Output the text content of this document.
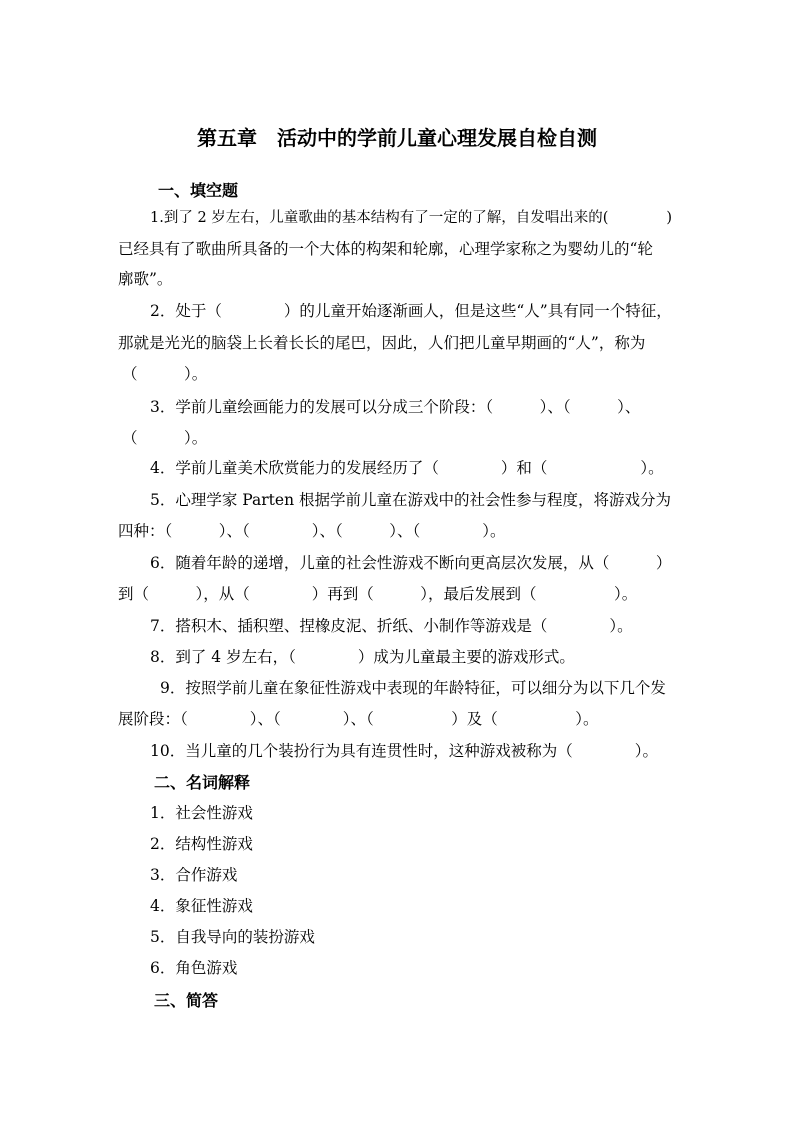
第五章　活动中的学前儿童心理发展自检自测
一、填空题
1.到了 2 岁左右，儿童歌曲的基本结构有了一定的了解，自发唱出来的(　　　　)
已经具有了歌曲所具备的一个大体的构架和轮廓，心理学家称之为婴幼儿的“轮
廓歌”。
2．处于（　　　　）的儿童开始逐渐画人，但是这些“人”具有同一个特征，
那就是光光的脑袋上长着长长的尾巴，因此，人们把儿童早期画的“人”，称为
（　　　）。
3．学前儿童绘画能力的发展可以分成三个阶段：（　　　）、（　　　）、
（　　　）。
4．学前儿童美术欣赏能力的发展经历了（　　　　）和（　　　　　　）。
5．心理学家 Parten 根据学前儿童在游戏中的社会性参与程度，将游戏分为
四种：（　　　）、（　　　　）、（　　　）、（　　　　）。
6．随着年龄的递增，儿童的社会性游戏不断向更高层次发展，从（　　　）
到（　　　），从（　　　　）再到（　　　），最后发展到（　　　　　）。
7．搭积木、插积塑、捏橡皮泥、折纸、小制作等游戏是（　　　　）。
8．到了 4 岁左右，（　　　　）成为儿童最主要的游戏形式。
9．按照学前儿童在象征性游戏中表现的年龄特征，可以细分为以下几个发
展阶段：（　　　　）、（　　　　）、（　　　　　）及（　　　　　）。
10．当儿童的几个装扮行为具有连贯性时，这种游戏被称为（　　　　）。
二、名词解释
1．社会性游戏
2．结构性游戏
3．合作游戏
4．象征性游戏
5．自我导向的装扮游戏
6．角色游戏
三、简答
